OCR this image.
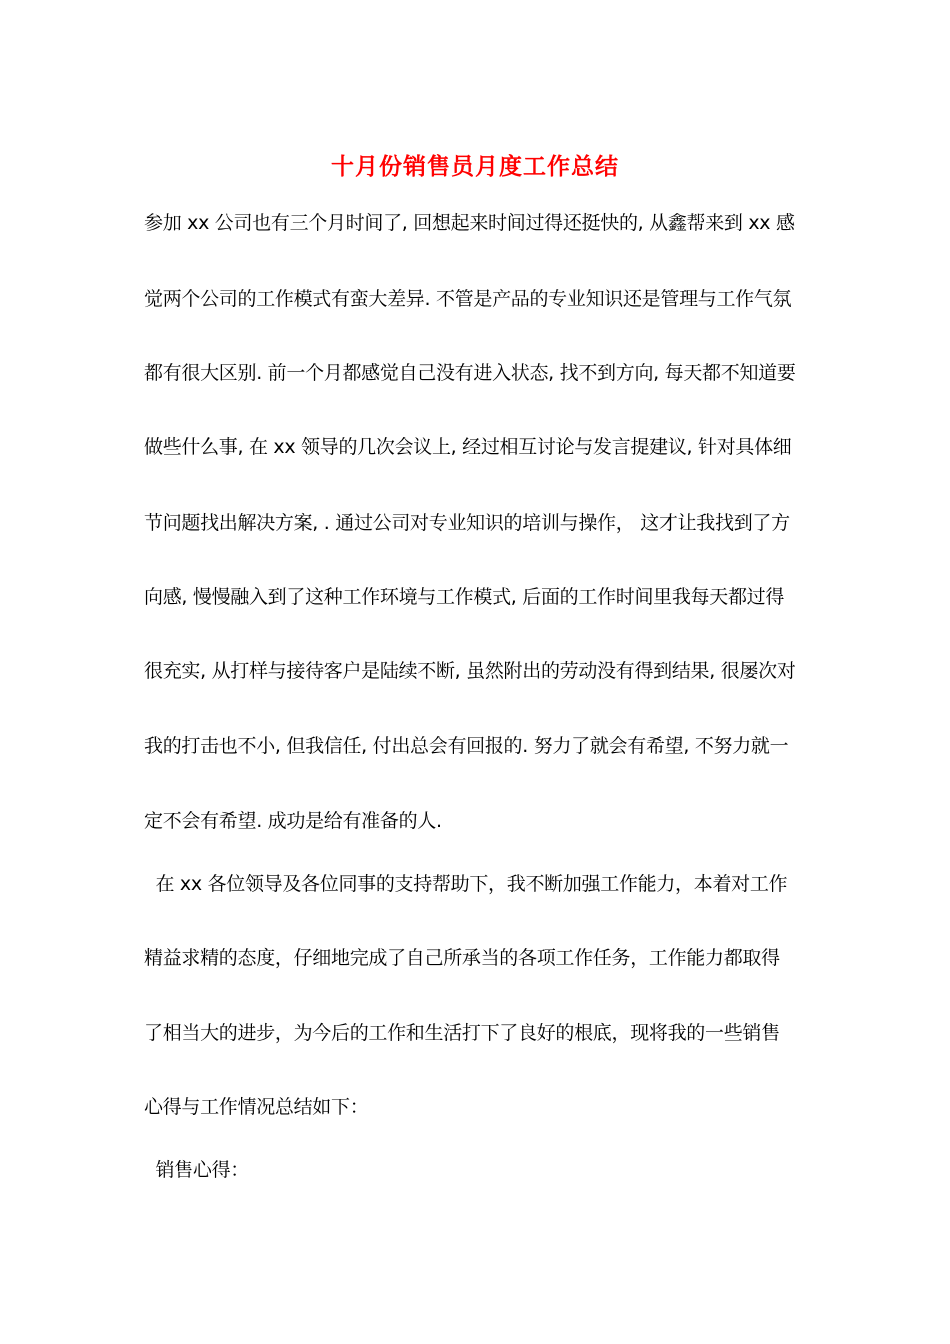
十月份销售员月度工作总结
参加 xx 公司也有三个月时间了, 回想起来时间过得还挺快的, 从鑫帮来到 xx 感
觉两个公司的工作模式有蛮大差异. 不管是产品的专业知识还是管理与工作气氛
都有很大区别. 前一个月都感觉自己没有进入状态, 找不到方向, 每天都不知道要
做些什么事, 在 xx 领导的几次会议上, 经过相互讨论与发言提建议, 针对具体细
节问题找出解决方案, . 通过公司对专业知识的培训与操作， 这才让我找到了方
向感, 慢慢融入到了这种工作环境与工作模式, 后面的工作时间里我每天都过得
很充实, 从打样与接待客户是陆续不断, 虽然附出的劳动没有得到结果, 很屡次对
我的打击也不小, 但我信任, 付出总会有回报的. 努力了就会有希望, 不努力就一
定不会有希望. 成功是给有准备的人.
在 xx 各位领导及各位同事的支持帮助下，我不断加强工作能力，本着对工作
精益求精的态度，仔细地完成了自己所承当的各项工作任务，工作能力都取得
了相当大的进步，为今后的工作和生活打下了良好的根底，现将我的一些销售
心得与工作情况总结如下：
销售心得：
